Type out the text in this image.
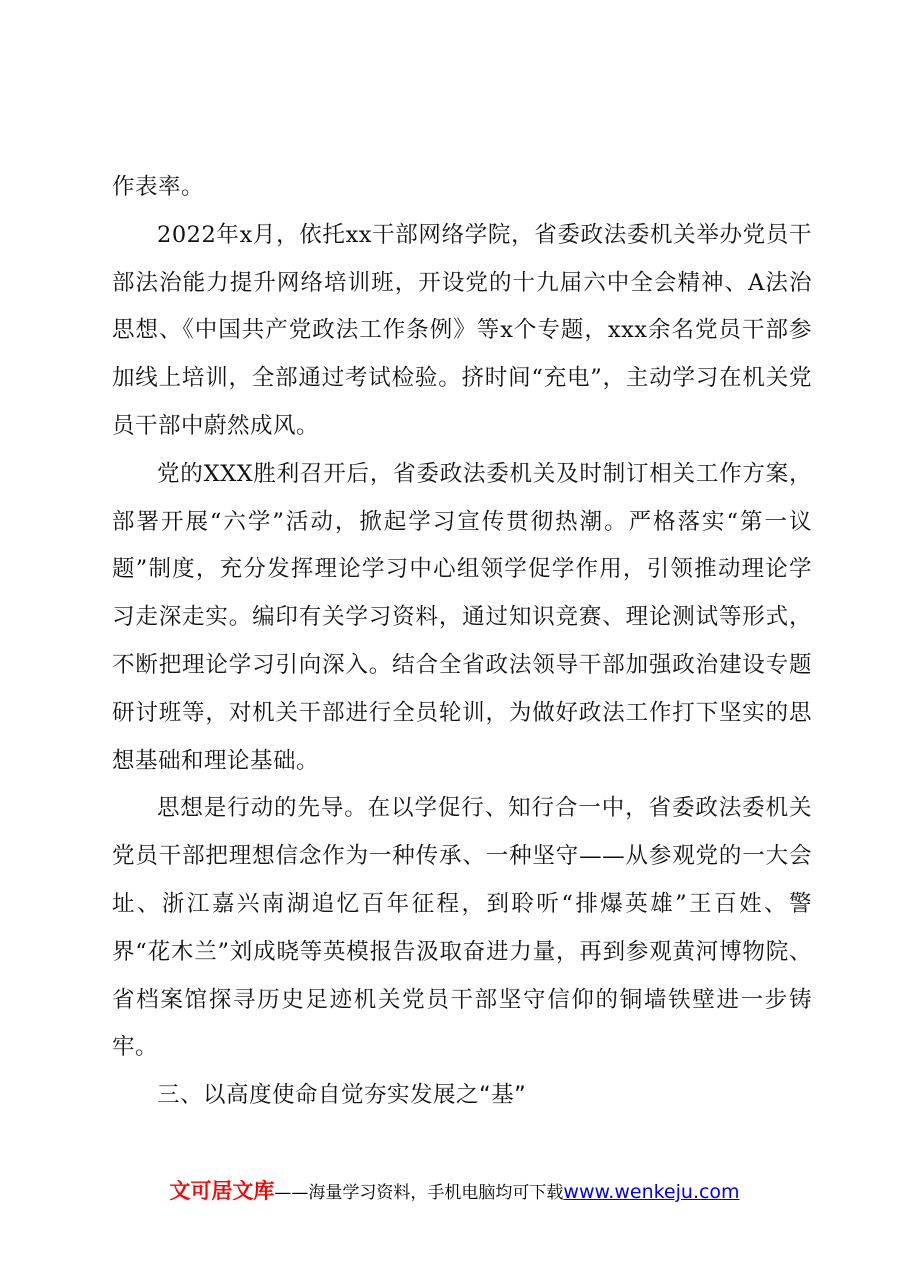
作表率。

2022年x月，依托xx干部网络学院，省委政法委机关举办党员干部法治能力提升网络培训班，开设党的十九届六中全会精神、A法治思想、《中国共产党政法工作条例》等x个专题，xxx余名党员干部参加线上培训，全部通过考试检验。挤时间“充电”，主动学习在机关党员干部中蔚然成风。

党的XXX胜利召开后，省委政法委机关及时制订相关工作方案，部署开展“六学”活动，掀起学习宣传贯彻热潮。严格落实“第一议题”制度，充分发挥理论学习中心组领学促学作用，引领推动理论学习走深走实。编印有关学习资料，通过知识竞赛、理论测试等形式，不断把理论学习引向深入。结合全省政法领导干部加强政治建设专题研讨班等，对机关干部进行全员轮训，为做好政法工作打下坚实的思想基础和理论基础。

思想是行动的先导。在以学促行、知行合一中，省委政法委机关党员干部把理想信念作为一种传承、一种坚守——从参观党的一大会址、浙江嘉兴南湖追忆百年征程，到聆听“排爆英雄”王百姓、警界“花木兰”刘成晓等英模报告汲取奋进力量，再到参观黄河博物院、省档案馆探寻历史足迹机关党员干部坚守信仰的铜墙铁壁进一步铸牢。

三、以高度使命自觉夯实发展之“基”

文可居文库——海量学习资料，手机电脑均可下载www.wenkeju.com
